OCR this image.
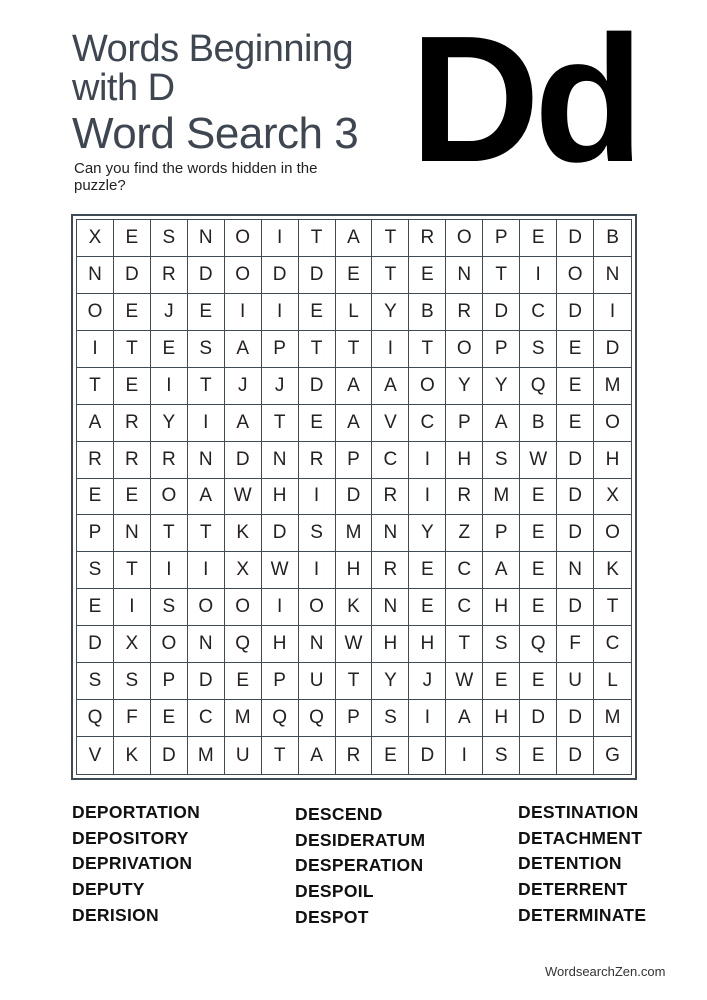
Words Beginning
with D
Word Search 3 Dd
Can you find the words hidden in the puzzle?
X	E	S	N	O	I	T	A	T	R	O	P	E	D	B
N	D	R	D	O	D	D	E	T	E	N	T	I	O	N
O	E	J	E	I	I	E	L	Y	B	R	D	C	D	I
I	T	E	S	A	P	T	T	I	T	O	P	S	E	D
T	E	I	T	J	J	D	A	A	O	Y	Y	Q	E	M
A	R	Y	I	A	T	E	A	V	C	P	A	B	E	O
R	R	R	N	D	N	R	P	C	I	H	S	W	D	H
E	E	O	A	W	H	I	D	R	I	R	M	E	D	X
P	N	T	T	K	D	S	M	N	Y	Z	P	E	D	O
S	T	I	I	X	W	I	H	R	E	C	A	E	N	K
E	I	S	O	O	I	O	K	N	E	C	H	E	D	T
D	X	O	N	Q	H	N	W	H	H	T	S	Q	F	C
S	S	P	D	E	P	U	T	Y	J	W	E	E	U	L
Q	F	E	C	M	Q	Q	P	S	I	A	H	D	D	M
V	K	D	M	U	T	A	R	E	D	I	S	E	D	G
DEPORTATION
DEPOSITORY
DEPRIVATION
DEPUTY
DERISION
DESCEND
DESIDERATUM
DESPERATION
DESPOIL
DESPOT
DESTINATION
DETACHMENT
DETENTION
DETERRENT
DETERMINATE
WordsearchZen.com
